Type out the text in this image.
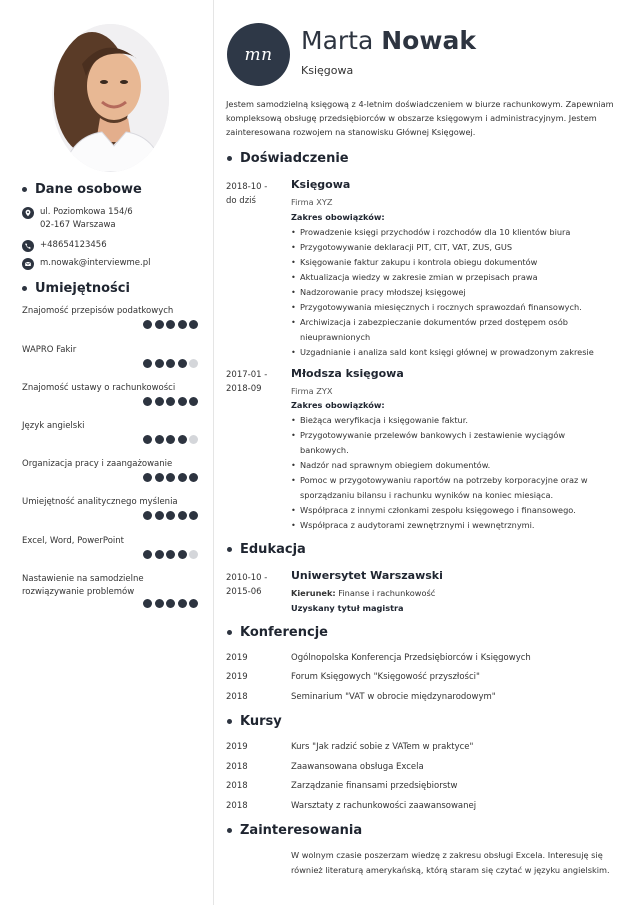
Dane osobowe
ul. Poziomkowa 154/6
02-167 Warszawa
+48654123456
m.nowak@interviewme.pl
Umiejętności
Znajomość przepisów podatkowych
WAPRO Fakir
Znajomość ustawy o rachunkowości
Język angielski
Organizacja pracy i zaangażowanie
Umiejętność analitycznego myślenia
Excel, Word, PowerPoint
Nastawienie na samodzielne rozwiązywanie problemów
mn Marta Nowak
Księgowa
Jestem samodzielną księgową z 4-letnim doświadczeniem w biurze rachunkowym. Zapewniam kompleksową obsługę przedsiębiorców w obszarze księgowym i administracyjnym. Jestem zainteresowana rozwojem na stanowisku Głównej Księgowej.
Doświadczenie
2018-10 -
do dziś
Księgowa
Firma XYZ
Zakres obowiązków:
• Prowadzenie księgi przychodów i rozchodów dla 10 klientów biura
• Przygotowywanie deklaracji PIT, CIT, VAT, ZUS, GUS
• Księgowanie faktur zakupu i kontrola obiegu dokumentów
• Aktualizacja wiedzy w zakresie zmian w przepisach prawa
• Nadzorowanie pracy młodszej księgowej
• Przygotowywania miesięcznych i rocznych sprawozdań finansowych.
• Archiwizacja i zabezpieczanie dokumentów przed dostępem osób nieuprawnionych
• Uzgadnianie i analiza sald kont księgi głównej w prowadzonym zakresie
2017-01 -
2018-09
Młodsza księgowa
Firma ZYX
Zakres obowiązków:
• Bieżąca weryfikacja i księgowanie faktur.
• Przygotowywanie przelewów bankowych i zestawienie wyciągów bankowych.
• Nadzór nad sprawnym obiegiem dokumentów.
• Pomoc w przygotowywaniu raportów na potrzeby korporacyjne oraz w sporządzaniu bilansu i rachunku wyników na koniec miesiąca.
• Współpraca z innymi członkami zespołu księgowego i finansowego.
• Współpraca z audytorami zewnętrznymi i wewnętrznymi.
Edukacja
2010-10 -
2015-06
Uniwersytet Warszawski
Kierunek: Finanse i rachunkowość
Uzyskany tytuł magistra
Konferencje
2019	Ogólnopolska Konferencja Przedsiębiorców i Księgowych
2019	Forum Księgowych "Księgowość przyszłości"
2018	Seminarium "VAT w obrocie międzynarodowym"
Kursy
2019	Kurs "Jak radzić sobie z VATem w praktyce"
2018	Zaawansowana obsługa Excela
2018	Zarządzanie finansami przedsiębiorstw
2018	Warsztaty z rachunkowości zaawansowanej
Zainteresowania
W wolnym czasie poszerzam wiedzę z zakresu obsługi Excela. Interesuję się również literaturą amerykańską, którą staram się czytać w języku angielskim.
